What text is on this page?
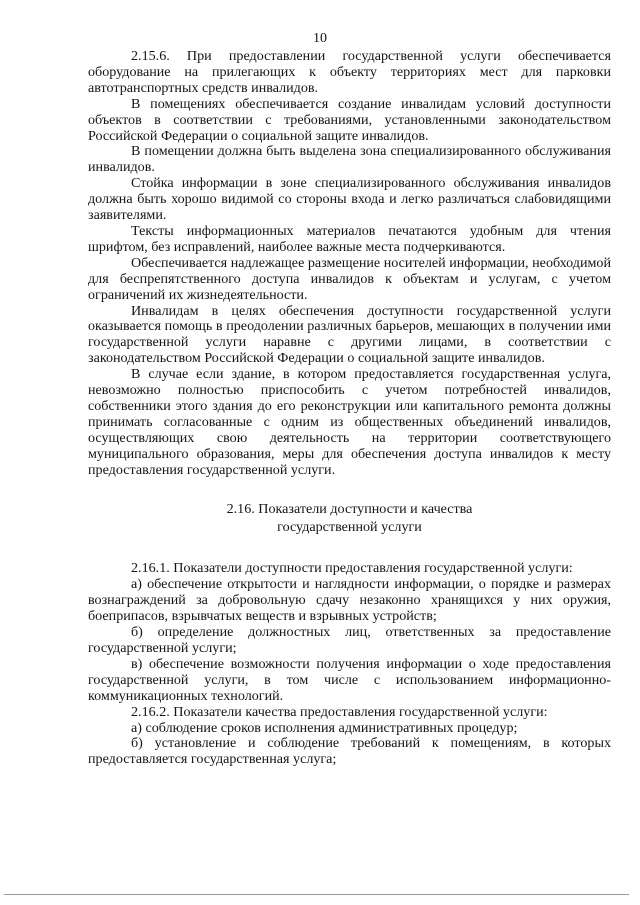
10

2.15.6. При предоставлении государственной услуги обеспечивается оборудование на прилегающих к объекту территориях мест для парковки автотранспортных средств инвалидов.

В помещениях обеспечивается создание инвалидам условий доступности объектов в соответствии с требованиями, установленными законодательством Российской Федерации о социальной защите инвалидов.

В помещении должна быть выделена зона специализированного обслуживания инвалидов.

Стойка информации в зоне специализированного обслуживания инвалидов должна быть хорошо видимой со стороны входа и легко различаться слабовидящими заявителями.

Тексты информационных материалов печатаются удобным для чтения шрифтом, без исправлений, наиболее важные места подчеркиваются.

Обеспечивается надлежащее размещение носителей информации, необходимой для беспрепятственного доступа инвалидов к объектам и услугам, с учетом ограничений их жизнедеятельности.

Инвалидам в целях обеспечения доступности государственной услуги оказывается помощь в преодолении различных барьеров, мешающих в получении ими государственной услуги наравне с другими лицами, в соответствии с законодательством Российской Федерации о социальной защите инвалидов.

В случае если здание, в котором предоставляется государственная услуга, невозможно полностью приспособить с учетом потребностей инвалидов, собственники этого здания до его реконструкции или капитального ремонта должны принимать согласованные с одним из общественных объединений инвалидов, осуществляющих свою деятельность на территории соответствующего муниципального образования, меры для обеспечения доступа инвалидов к месту предоставления государственной услуги.

2.16. Показатели доступности и качества
государственной услуги

2.16.1. Показатели доступности предоставления государственной услуги:

а) обеспечение открытости и наглядности информации, о порядке и размерах вознаграждений за добровольную сдачу незаконно хранящихся у них оружия, боеприпасов, взрывчатых веществ и взрывных устройств;

б) определение должностных лиц, ответственных за предоставление государственной услуги;

в) обеспечение возможности получения информации о ходе предоставления государственной услуги, в том числе с использованием информационно-коммуникационных технологий.

2.16.2. Показатели качества предоставления государственной услуги:

а) соблюдение сроков исполнения административных процедур;

б) установление и соблюдение требований к помещениям, в которых предоставляется государственная услуга;
